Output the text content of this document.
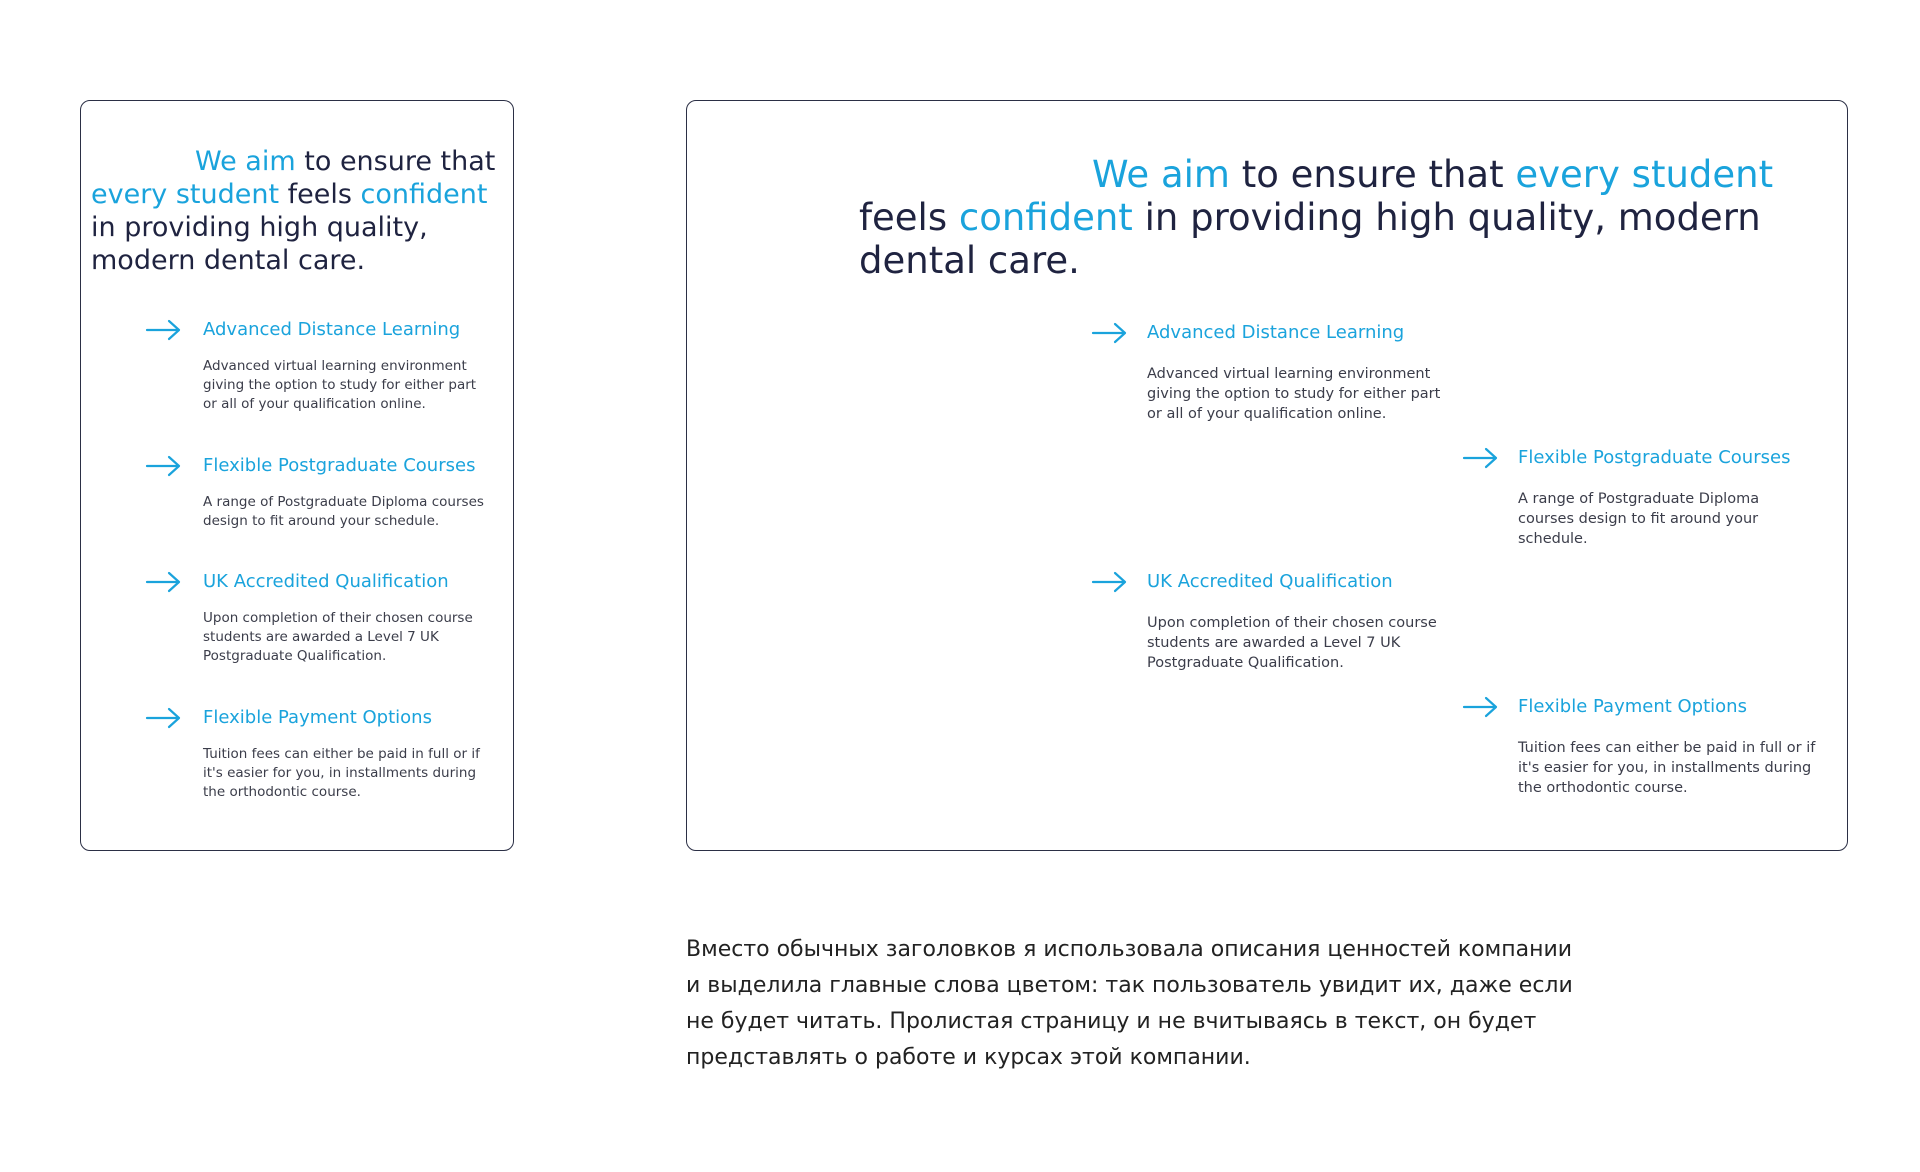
We aim to ensure that every student feels confident in providing high quality, modern dental care.
Advanced Distance Learning

Advanced virtual learning environment giving the option to study for either part or all of your qualification online.

Flexible Postgraduate Courses

A range of Postgraduate Diploma courses design to fit around your schedule.

UK Accredited Qualification

Upon completion of their chosen course students are awarded a Level 7 UK Postgraduate Qualification.

Flexible Payment Options

Tuition fees can either be paid in full or if it's easier for you, in installments during the orthodontic course.

We aim to ensure that every student feels confident in providing high quality, modern dental care.
Advanced Distance Learning

Advanced virtual learning environment giving the option to study for either part or all of your qualification online.

Flexible Postgraduate Courses

A range of Postgraduate Diploma courses design to fit around your schedule.

UK Accredited Qualification

Upon completion of their chosen course students are awarded a Level 7 UK Postgraduate Qualification.

Flexible Payment Options

Tuition fees can either be paid in full or if it's easier for you, in installments during the orthodontic course.

Вместо обычных заголовков я использовала описания ценностей компании и выделила главные слова цветом: так пользователь увидит их, даже если не будет читать. Пролистая страницу и не вчитываясь в текст, он будет представлять о работе и курсах этой компании.
